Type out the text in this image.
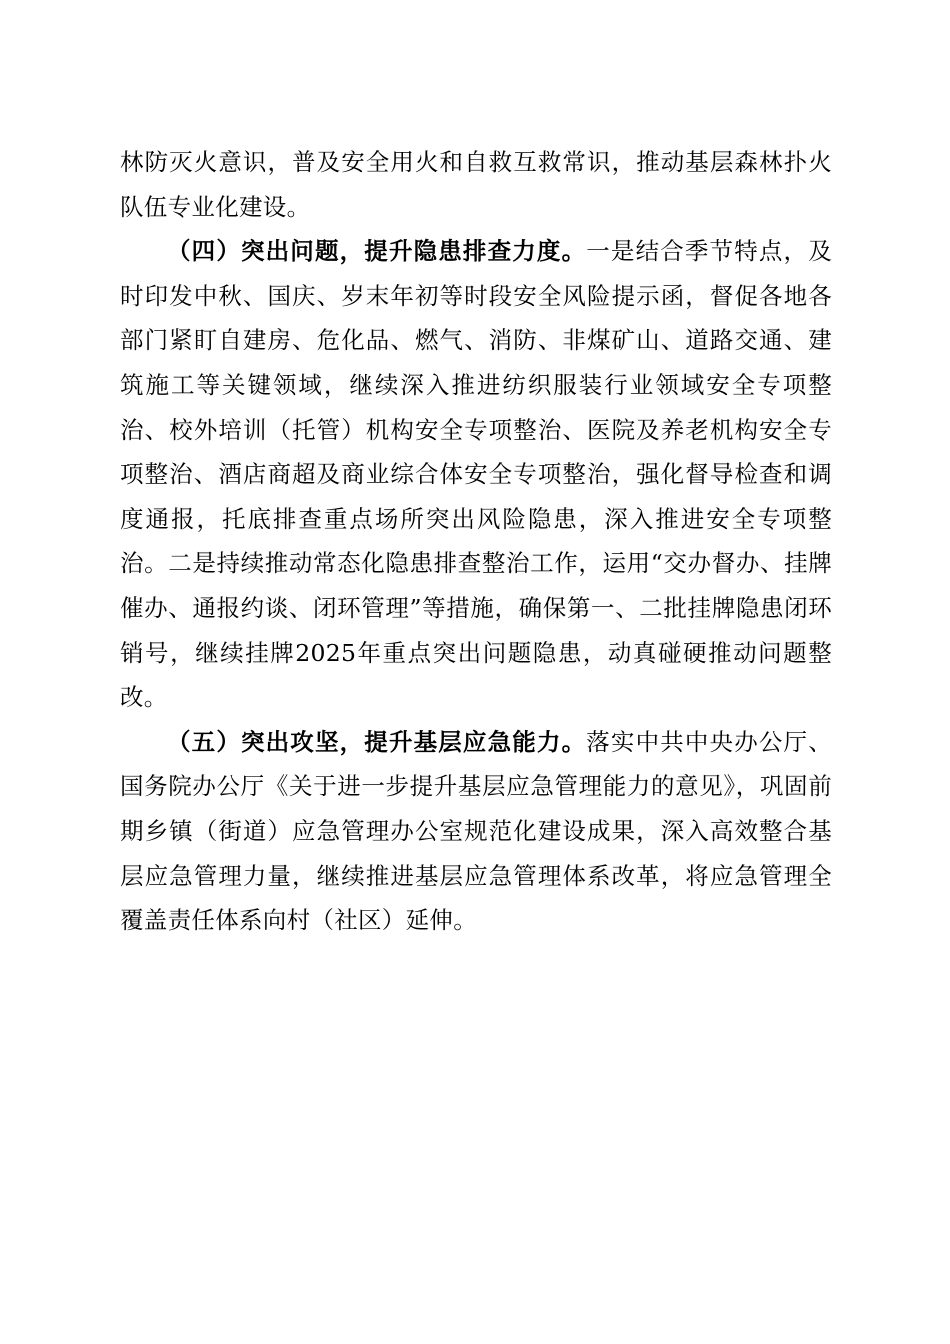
林防灭火意识，普及安全用火和自救互救常识，推动基层森林扑火队伍专业化建设。

（四）突出问题，提升隐患排查力度。一是结合季节特点，及时印发中秋、国庆、岁末年初等时段安全风险提示函，督促各地各部门紧盯自建房、危化品、燃气、消防、非煤矿山、道路交通、建筑施工等关键领域，继续深入推进纺织服装行业领域安全专项整治、校外培训（托管）机构安全专项整治、医院及养老机构安全专项整治、酒店商超及商业综合体安全专项整治，强化督导检查和调度通报，托底排查重点场所突出风险隐患，深入推进安全专项整治。二是持续推动常态化隐患排查整治工作，运用“交办督办、挂牌催办、通报约谈、闭环管理”等措施，确保第一、二批挂牌隐患闭环销号，继续挂牌2025年重点突出问题隐患，动真碰硬推动问题整改。

（五）突出攻坚，提升基层应急能力。落实中共中央办公厅、国务院办公厅《关于进一步提升基层应急管理能力的意见》，巩固前期乡镇（街道）应急管理办公室规范化建设成果，深入高效整合基层应急管理力量，继续推进基层应急管理体系改革，将应急管理全覆盖责任体系向村（社区）延伸。
